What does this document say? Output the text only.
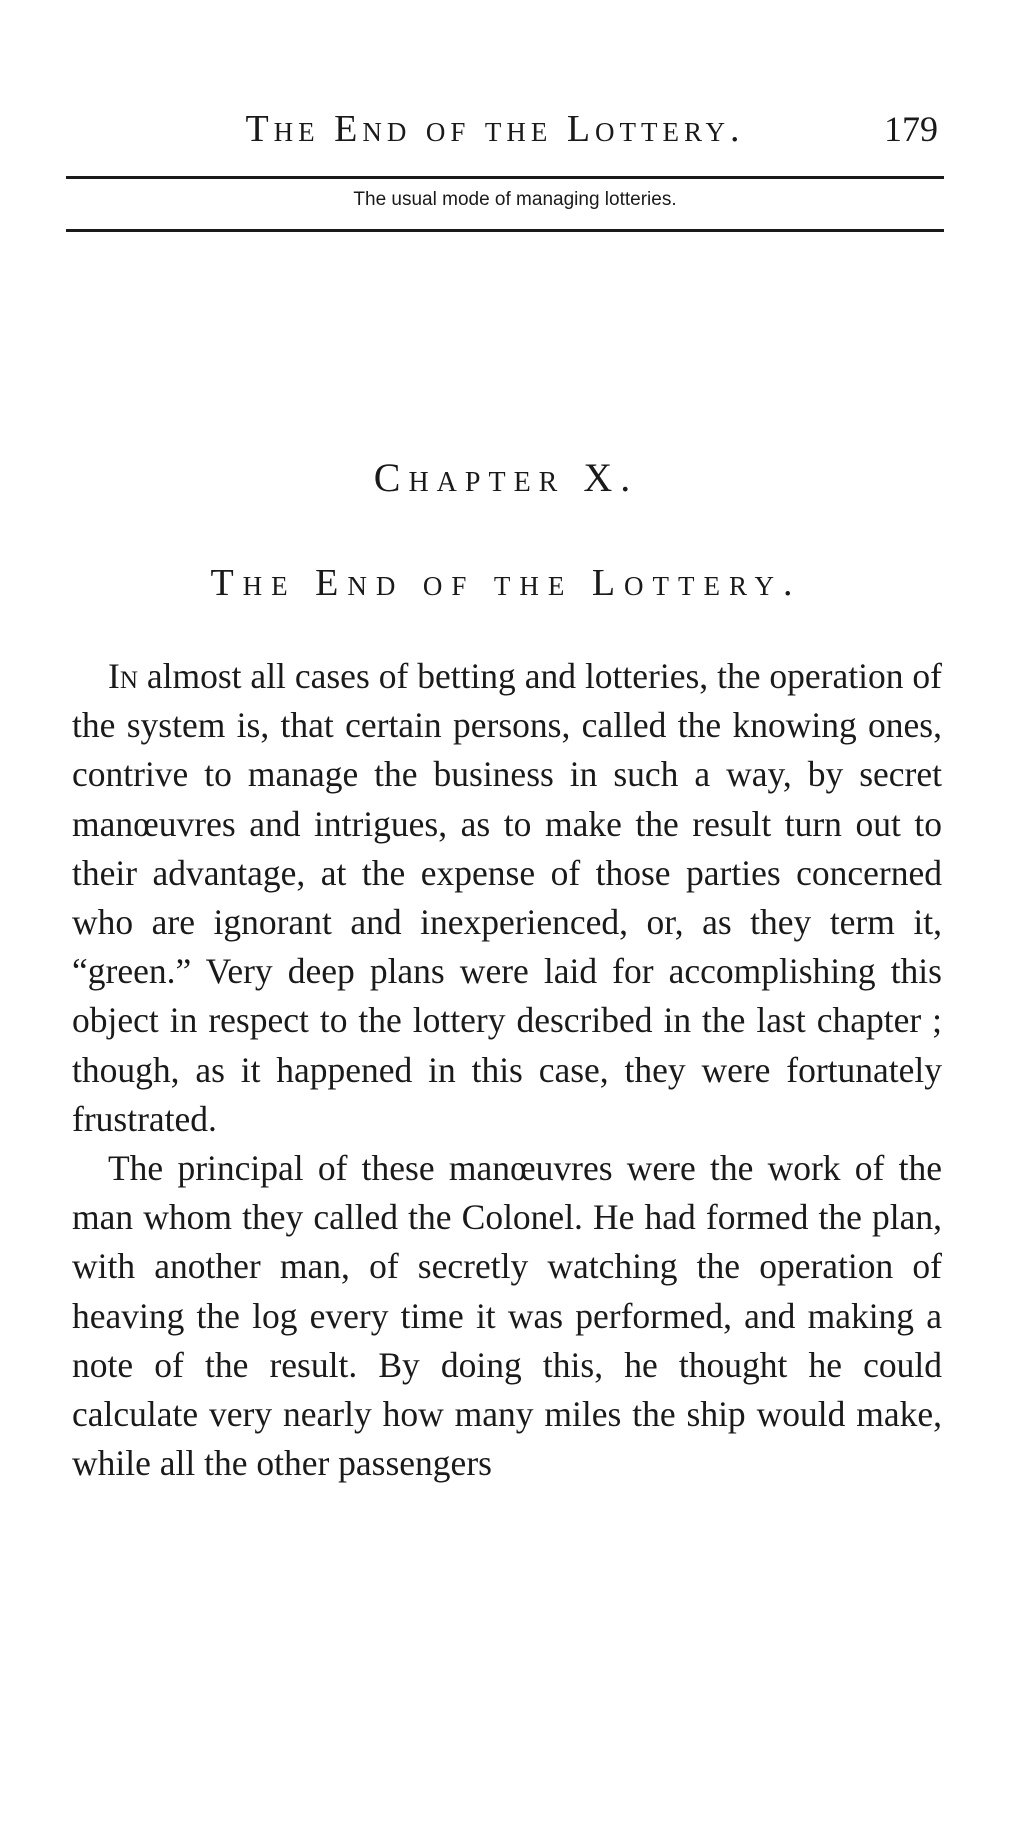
The End of the Lottery.	179
The usual mode of managing lotteries.
Chapter X.
The End of the Lottery.

In almost all cases of betting and lotteries, the operation of the system is, that certain persons, called the knowing ones, contrive to manage the business in such a way, by secret manœuvres and intrigues, as to make the result turn out to their advantage, at the expense of those parties concerned who are ignorant and inexperienced, or, as they term it, “green.” Very deep plans were laid for accomplishing this object in respect to the lottery described in the last chapter ; though, as it happened in this case, they were fortunately frustrated.

The principal of these manœuvres were the work of the man whom they called the Colonel. He had formed the plan, with another man, of secretly watching the operation of heaving the log every time it was performed, and making a note of the result. By doing this, he thought he could calculate very nearly how many miles the ship would make, while all the other passengers
